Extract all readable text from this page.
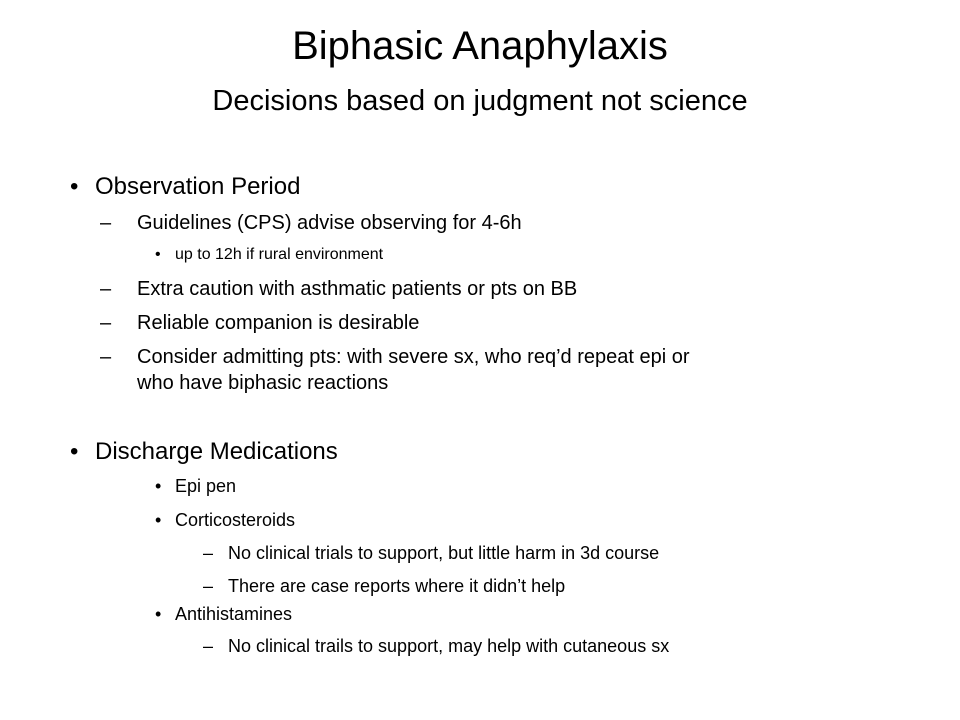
Biphasic Anaphylaxis
Decisions based on judgment not science
• Observation Period
– Guidelines (CPS) advise observing for 4-6h
• up to 12h if rural environment
– Extra caution with asthmatic patients or pts on BB
– Reliable companion is desirable
– Consider admitting pts: with severe sx, who req’d repeat epi or
who have biphasic reactions
• Discharge Medications
• Epi pen
• Corticosteroids
– No clinical trials to support, but little harm in 3d course
– There are case reports where it didn’t help
• Antihistamines
– No clinical trails to support, may help with cutaneous sx
